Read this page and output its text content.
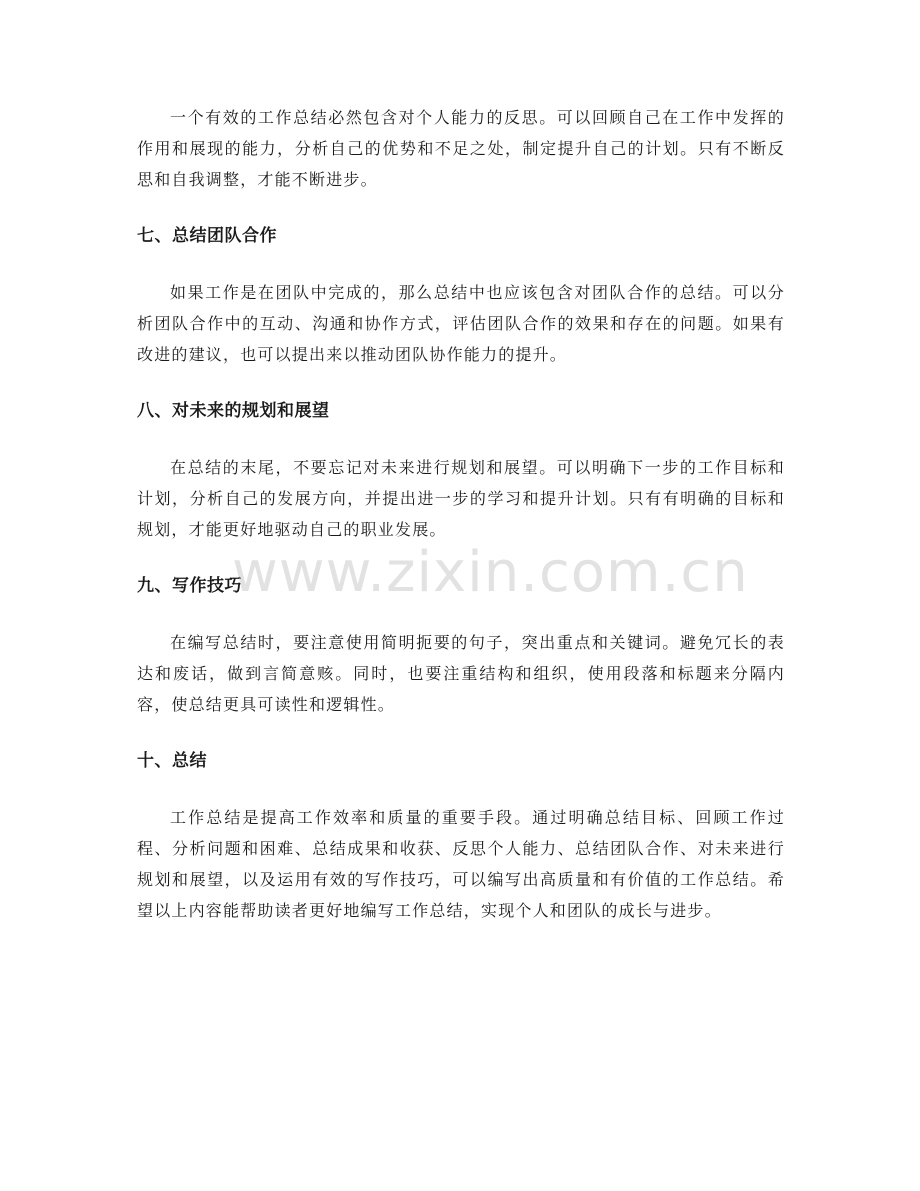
一个有效的工作总结必然包含对个人能力的反思。可以回顾自己在工作中发挥的作用和展现的能力，分析自己的优势和不足之处，制定提升自己的计划。只有不断反思和自我调整，才能不断进步。

七、总结团队合作

如果工作是在团队中完成的，那么总结中也应该包含对团队合作的总结。可以分析团队合作中的互动、沟通和协作方式，评估团队合作的效果和存在的问题。如果有改进的建议，也可以提出来以推动团队协作能力的提升。

八、对未来的规划和展望

在总结的末尾，不要忘记对未来进行规划和展望。可以明确下一步的工作目标和计划，分析自己的发展方向，并提出进一步的学习和提升计划。只有有明确的目标和规划，才能更好地驱动自己的职业发展。

九、写作技巧

在编写总结时，要注意使用简明扼要的句子，突出重点和关键词。避免冗长的表达和废话，做到言简意赅。同时，也要注重结构和组织，使用段落和标题来分隔内容，使总结更具可读性和逻辑性。

十、总结

工作总结是提高工作效率和质量的重要手段。通过明确总结目标、回顾工作过程、分析问题和困难、总结成果和收获、反思个人能力、总结团队合作、对未来进行规划和展望，以及运用有效的写作技巧，可以编写出高质量和有价值的工作总结。希望以上内容能帮助读者更好地编写工作总结，实现个人和团队的成长与进步。

www.zixin.com.cn
